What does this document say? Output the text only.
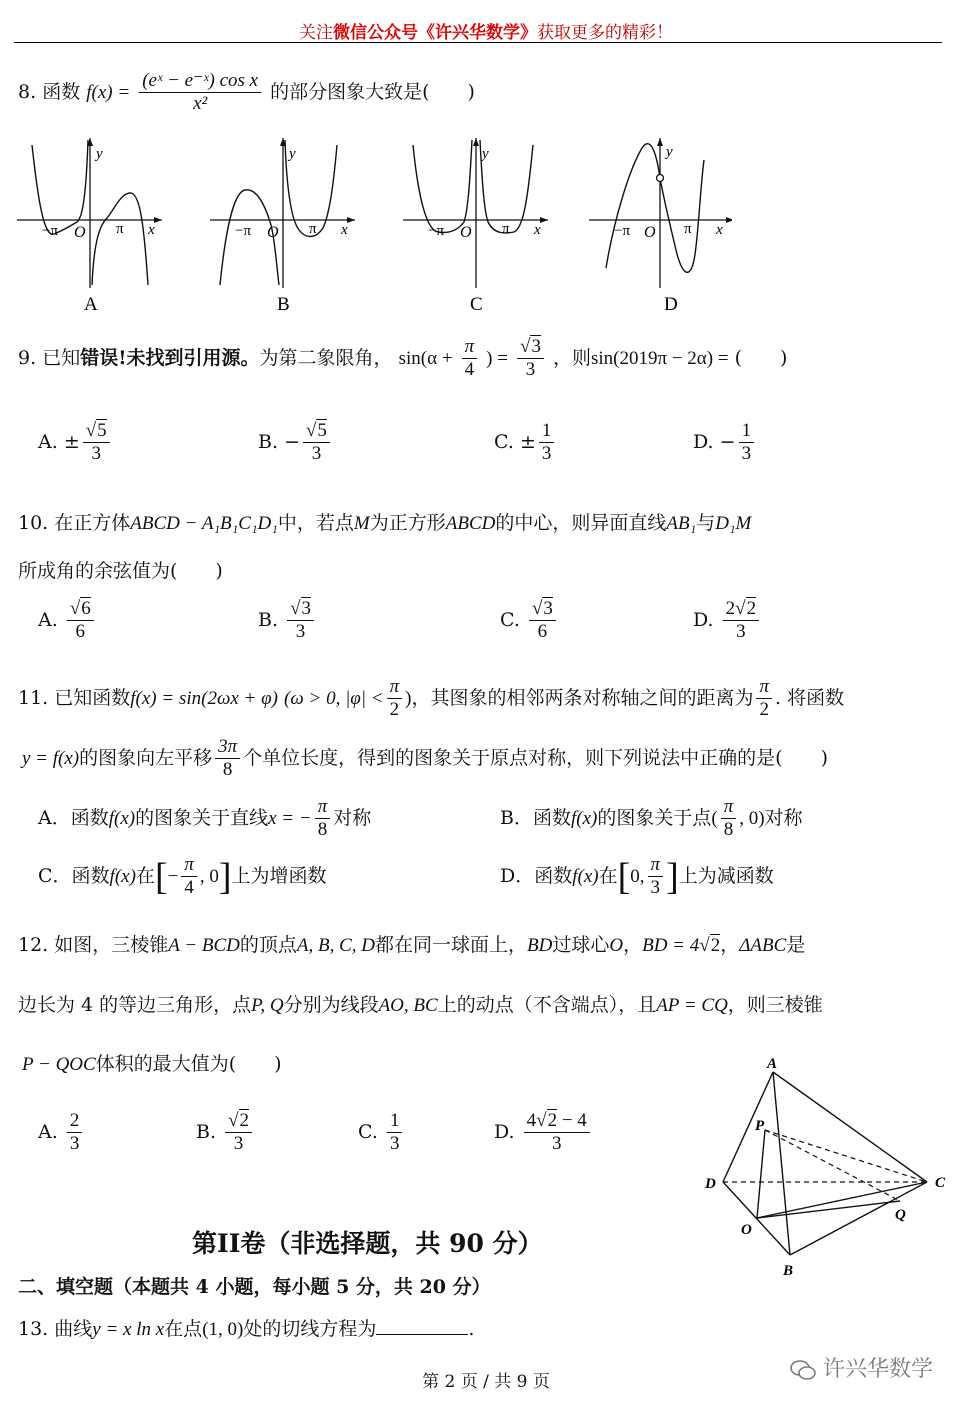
关注微信公众号《许兴华数学》获取更多的精彩！
8. 函数 $f(x) = \frac{\text{(eˣ − e⁻ˣ) cos x}}{\text{x²}}$ 的部分图象大致是(　　)
y
x
−π O π
A
y
x
−π O π
B
y
x
−π O π
C
y
x
−π O π
D
9. 已知错误!未找到引用源。为第二象限角， $\sin(\alpha + \frac{\pi}{4}$ ) = $\frac{√3}{3}$ ，则sin(2019π − 2α) = (　　)
A. ± $\frac{√5}{3}$	B. − $\frac{√5}{3}$	C. ± $\frac{1}{3}$	D. − $\frac{1}{3}$
10. 在正方体ABCD − A₁B₁C₁D₁中，若点M为正方形ABCD的中心，则异面直线AB₁与D₁M
所成角的余弦值为(　　)
A. $\frac{√6}{6}$	B. $\frac{√3}{3}$	C. $\frac{√3}{6}$	D. $\frac{2√2}{3}$
11. 已知函数f(x) = sin(2ωx + φ) (ω > 0, $|\varphi| < \frac{\pi}{2}$ )，其图象的相邻两条对称轴之间的距离为 $\frac{\pi}{2}$ . 将函数
y = f(x)的图象向左平移 $\frac{3\pi}{8}$ 个单位长度，得到的图象关于原点对称，则下列说法中正确的是(　　)
A．函数f(x)的图象关于直线x = − $\frac{\pi}{8}$ 对称	B．函数f(x)的图象关于点( $\frac{\pi}{8}$ , 0)对称
C．函数f(x)在[− $\frac{\pi}{4}$ , 0]上为增函数	D．函数f(x)在[0, $\frac{\pi}{3}$ ]上为减函数
12. 如图，三棱锥A − BCD的顶点A, B, C, D都在同一球面上，BD过球心O，BD = 4√2，ΔABC是
边长为 4 的等边三角形，点P, Q分别为线段AO, BC上的动点（不含端点），且AP = CQ，则三棱锥
P − QOC体积的最大值为(　　)
A. $\frac{2}{3}$	B. $\frac{√2}{3}$	C. $\frac{1}{3}$	D. $\frac{4√2 - 4}{3}$
A
P
D	C
Q
O
B
第II卷（非选择题，共 90 分）
二、填空题（本题共 4 小题，每小题 5 分，共 20 分）
13. 曲线y = x ln x在点(1, 0)处的切线方程为	.
第 2 页 / 共 9 页	许兴华数学
